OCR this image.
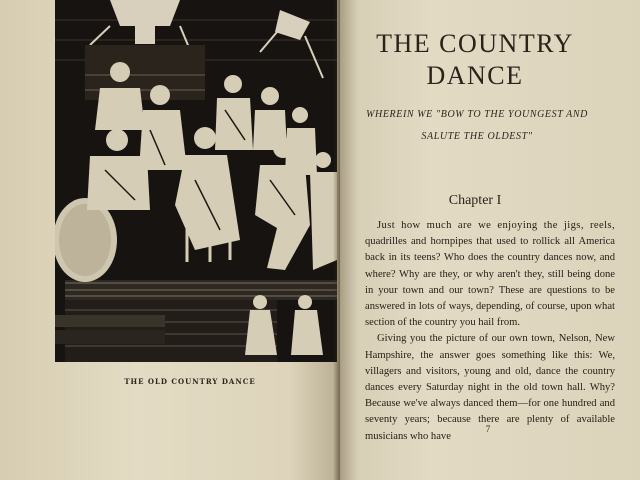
THE OLD COUNTRY DANCE
THE COUNTRY DANCE
WHEREIN WE "BOW TO THE YOUNGEST AND SALUTE THE OLDEST"
Chapter I

Just how much are we enjoying the jigs, reels, quadrilles and hornpipes that used to rollick all America back in its teens? Who does the country dances now, and where? Why are they, or why aren't they, still being done in your town and our town? These are questions to be answered in lots of ways, depending, of course, upon what section of the country you hail from.

Giving you the picture of our own town, Nelson, New Hampshire, the answer goes something like this: We, villagers and visitors, young and old, dance the country dances every Saturday night in the old town hall. Why? Because we've always danced them—for one hundred and seventy years; because there are plenty of available musicians who have

7
